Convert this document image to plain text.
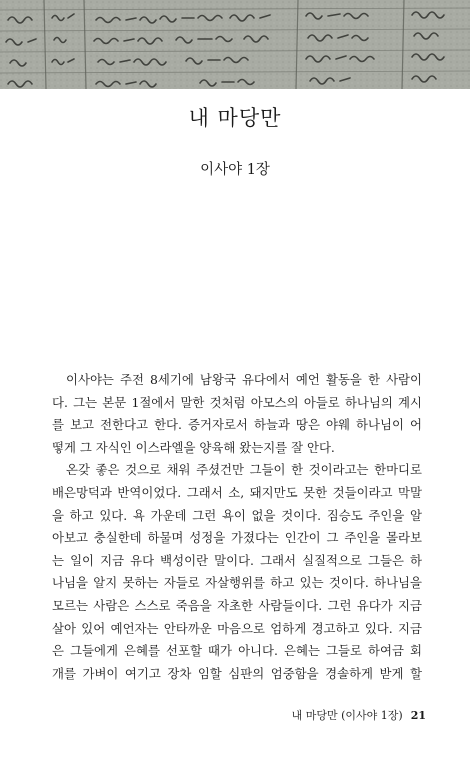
내 마당만
이사야 1장
이사야는 주전 8세기에 남왕국 유다에서 예언 활동을 한 사람이
다. 그는 본문 1절에서 말한 것처럼 아모스의 아들로 하나님의 계시
를 보고 전한다고 한다. 증거자로서 하늘과 땅은 야웨 하나님이 어
떻게 그 자식인 이스라엘을 양육해 왔는지를 잘 안다.
온갖 좋은 것으로 채워 주셨건만 그들이 한 것이라고는 한마디로
배은망덕과 반역이었다. 그래서 소, 돼지만도 못한 것들이라고 막말
을 하고 있다. 욕 가운데 그런 욕이 없을 것이다. 짐승도 주인을 알
아보고 충실한데 하물며 성정을 가졌다는 인간이 그 주인을 몰라보
는 일이 지금 유다 백성이란 말이다. 그래서 실질적으로 그들은 하
나님을 알지 못하는 자들로 자살행위를 하고 있는 것이다. 하나님을
모르는 사람은 스스로 죽음을 자초한 사람들이다. 그런 유다가 지금
살아 있어 예언자는 안타까운 마음으로 엄하게 경고하고 있다. 지금
은 그들에게 은혜를 선포할 때가 아니다. 은혜는 그들로 하여금 회
개를 가벼이 여기고 장차 임할 심판의 엄중함을 경솔하게 받게 할
내 마당만 (이사야 1장) 21
